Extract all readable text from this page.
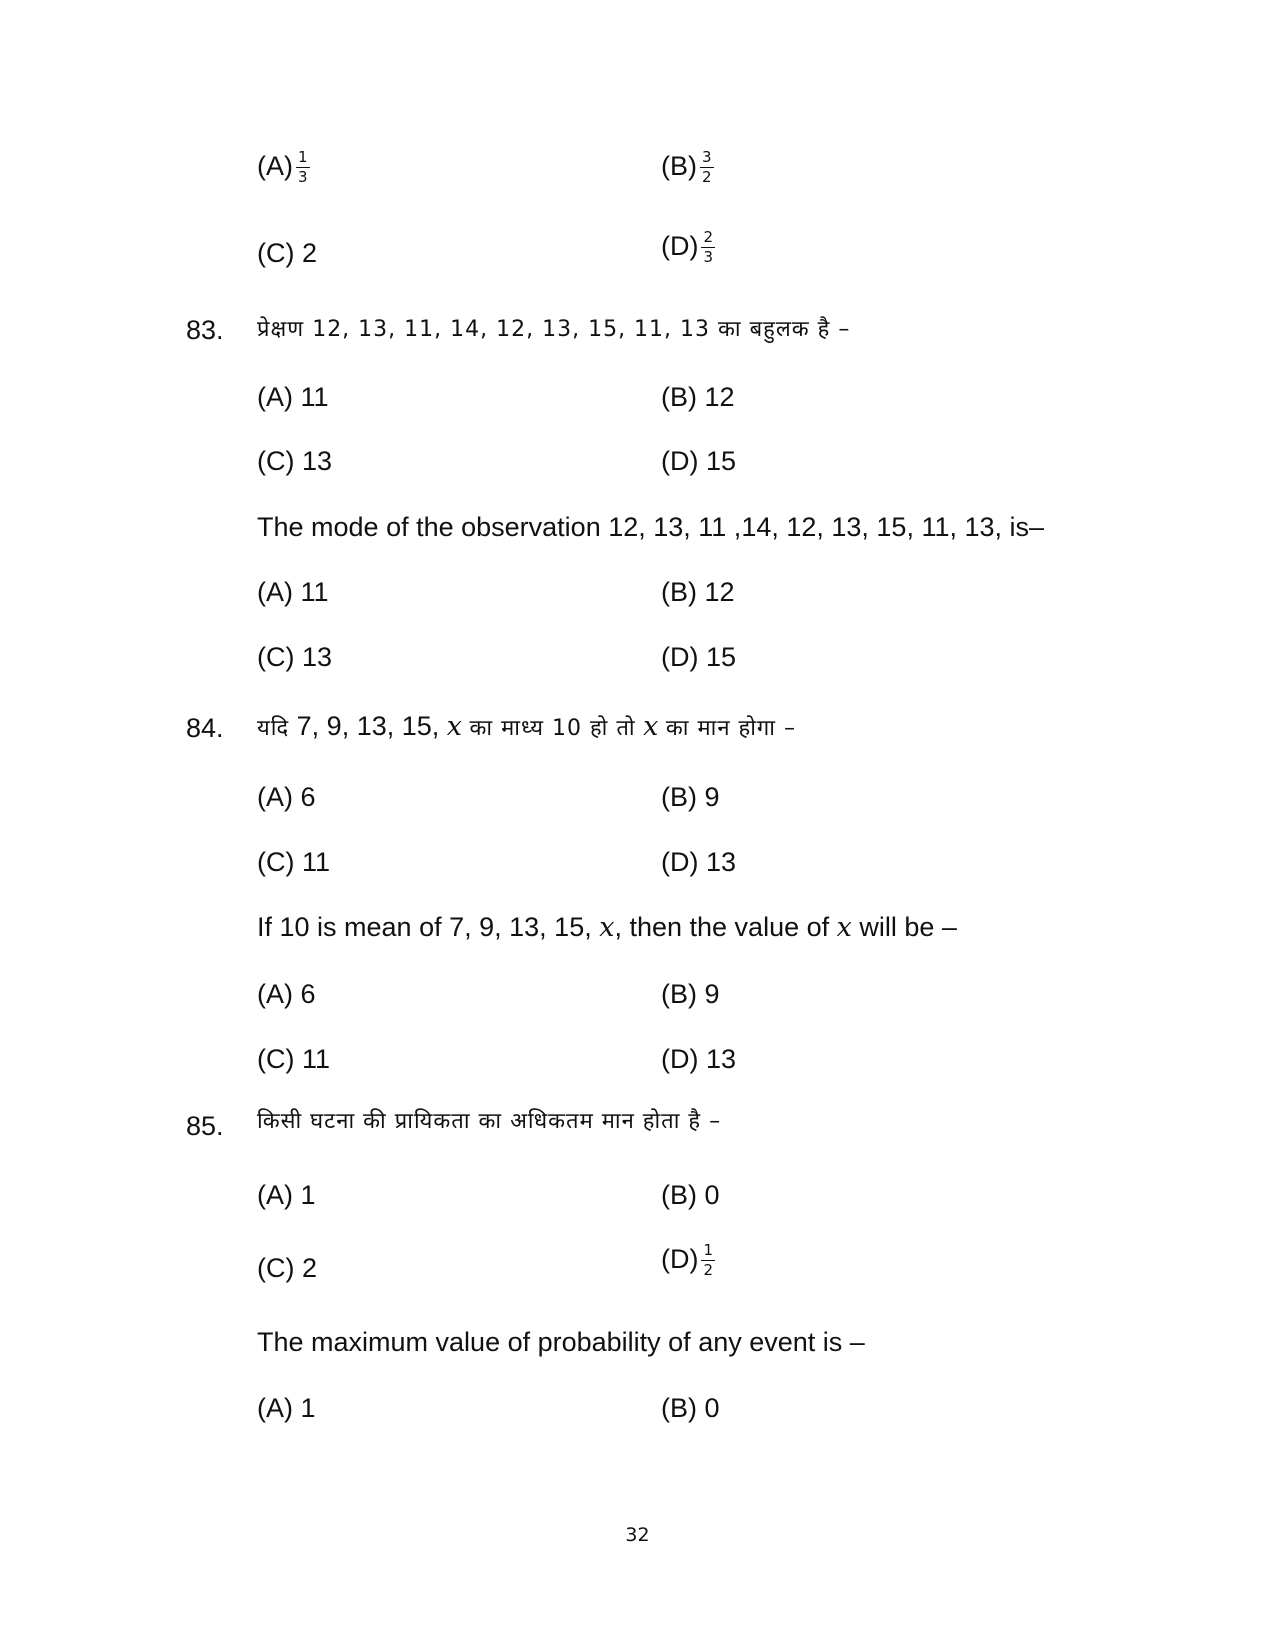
$(A) \frac{1}{3}$	$(B) \frac{3}{2}$
(C) 2	$(D) \frac{2}{3}$
83. प्रेक्षण 12, 13, 11, 14, 12, 13, 15, 11, 13 का बहुलक है –
(A) 11	(B) 12
(C) 13	(D) 15
The mode of the observation 12, 13, 11 ,14, 12, 13, 15, 11, 13, is–
(A) 11	(B) 12
(C) 13	(D) 15
84. यदि 7, 9, 13, 15, x का माध्य 10 हो तो x का मान होगा –
(A) 6	(B) 9
(C) 11	(D) 13
If 10 is mean of 7, 9, 13, 15, x, then the value of x will be –
(A) 6	(B) 9
(C) 11	(D) 13
85. किसी घटना की प्रायिकता का अधिकतम मान होता है –
(A) 1	(B) 0
(C) 2	$(D) \frac{1}{2}$
The maximum value of probability of any event is –
(A) 1	(B) 0
32
